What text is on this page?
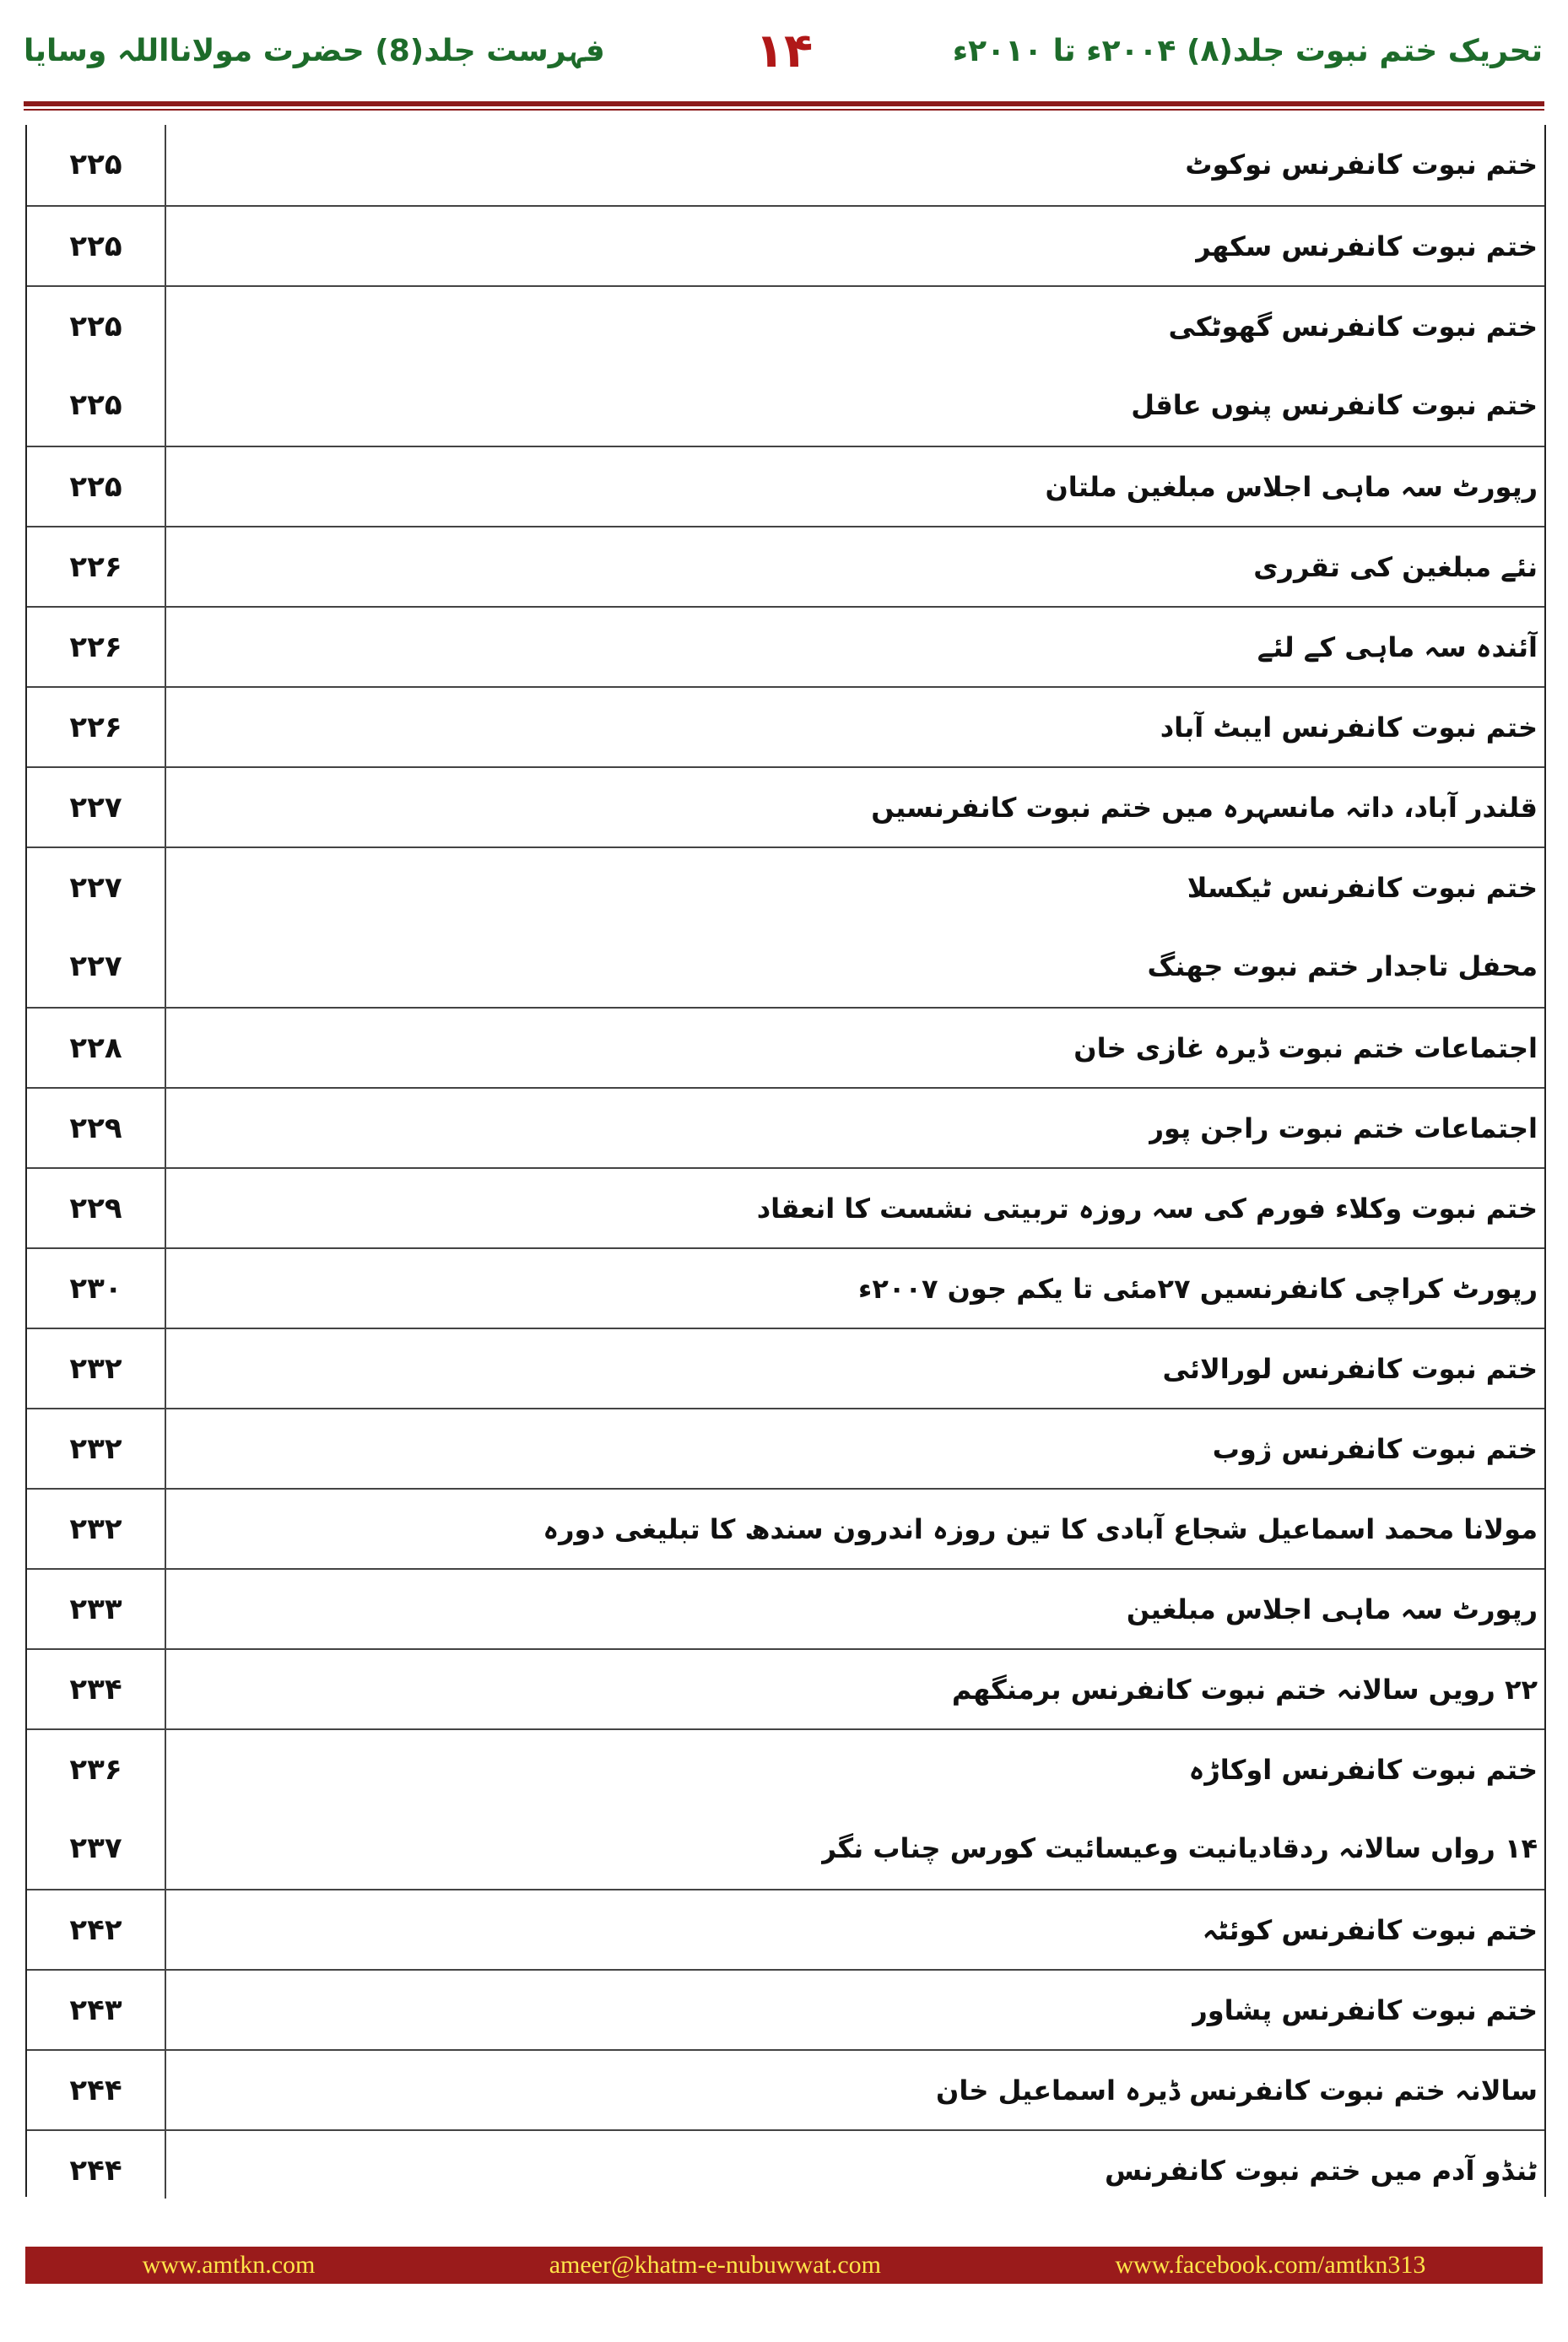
تحریک ختم نبوت جلد(۸) ۲۰۰۴ء تا ۲۰۱۰ء
۱۴
فہرست جلد(8) حضرت مولانااللہ وسایا
۲۲۵	ختم نبوت کانفرنس نوکوٹ
۲۲۵	ختم نبوت کانفرنس سکھر
۲۲۵	ختم نبوت کانفرنس گھوٹکی
۲۲۵	ختم نبوت کانفرنس پنوں عاقل
۲۲۵	رپورٹ سہ ماہی اجلاس مبلغین ملتان
۲۲۶	نئے مبلغین کی تقرری
۲۲۶	آئندہ سہ ماہی کے لئے
۲۲۶	ختم نبوت کانفرنس ایبٹ آباد
۲۲۷	قلندر آباد، داتہ مانسہرہ میں ختم نبوت کانفرنسیں
۲۲۷	ختم نبوت کانفرنس ٹیکسلا
۲۲۷	محفل تاجدار ختم نبوت جھنگ
۲۲۸	اجتماعات ختم نبوت ڈیرہ غازی خان
۲۲۹	اجتماعات ختم نبوت راجن پور
۲۲۹	ختم نبوت وکلاء فورم کی سہ روزہ تربیتی نشست کا انعقاد
۲۳۰	رپورٹ کراچی کانفرنسیں ۲۷مئی تا یکم جون ۲۰۰۷ء
۲۳۲	ختم نبوت کانفرنس لورالائی
۲۳۲	ختم نبوت کانفرنس ژوب
۲۳۲	مولانا محمد اسماعیل شجاع آبادی کا تین روزہ اندرون سندھ کا تبلیغی دورہ
۲۳۳	رپورٹ سہ ماہی اجلاس مبلغین
۲۳۴	۲۲ رویں سالانہ ختم نبوت کانفرنس برمنگھم
۲۳۶	ختم نبوت کانفرنس اوکاڑہ
۲۳۷	۱۴ رواں سالانہ ردقادیانیت وعیسائیت کورس چناب نگر
۲۴۲	ختم نبوت کانفرنس کوئٹہ
۲۴۳	ختم نبوت کانفرنس پشاور
۲۴۴	سالانہ ختم نبوت کانفرنس ڈیرہ اسماعیل خان
۲۴۴	ٹنڈو آدم میں ختم نبوت کانفرنس
www.amtkn.com	ameer@khatm-e-nubuwwat.com	www.facebook.com/amtkn313
